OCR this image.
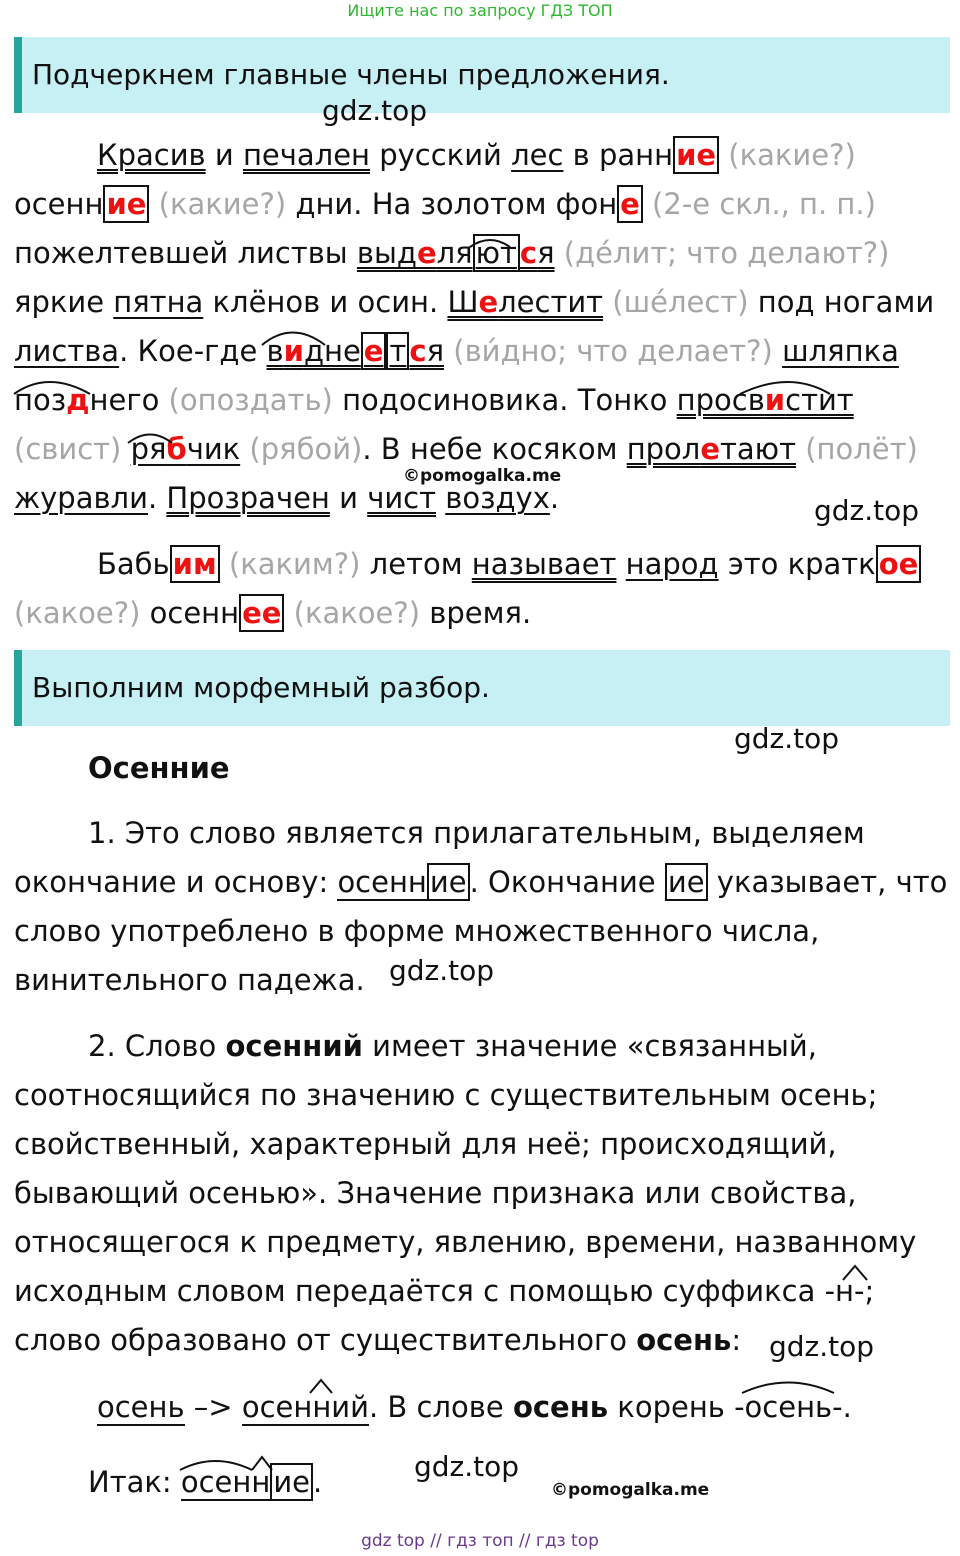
Ищите нас по запросу ГДЗ ТОП
Подчеркнем главные члены предложения.
gdz.top
Красив и печален русский лес в ранн ие (какие?)
осенн ие (какие?) дни. На золотом фон е (2-е скл., п. п.)
пожелтевшей листвы выделя ют ся (де́лит; что делают?)
яркие пятна клёнов и осин. Шелестит (ше́лест) под ногами
листва. Кое-где видне е т ся (ви́дно; что делает?) шляпка
позднего (опоздать) подосиновика. Тонко просвистит
(свист) рябчик (рябой). В небе косяком пролетают (полёт)
©pomogalka.me
журавли. Прозрачен и чист воздух.	gdz.top
Бабь им (каким?) летом называет народ это кратк ое
(какое?) осенн ее (какое?) время.
Выполним морфемный разбор.
gdz.top
Осенние
1. Это слово является прилагательным, выделяем
окончание и основу: осенн ие . Окончание ие указывает, что
слово употреблено в форме множественного числа,
винительного падежа. gdz.top
2. Слово осенний имеет значение «связанный,
соотносящийся по значению с существительным осень;
свойственный, характерный для неё; происходящий,
бывающий осенью». Значение признака или свойства,
относящегося к предмету, явлению, времени, названному
исходным словом передаётся с помощью суффикса -н-;
слово образовано от существительного осень: gdz.top
осень –> осенний. В слове осень корень -осень-.
Итак: осенн ие .	gdz.top
©pomogalka.me
gdz top // гдз топ // гдз top
